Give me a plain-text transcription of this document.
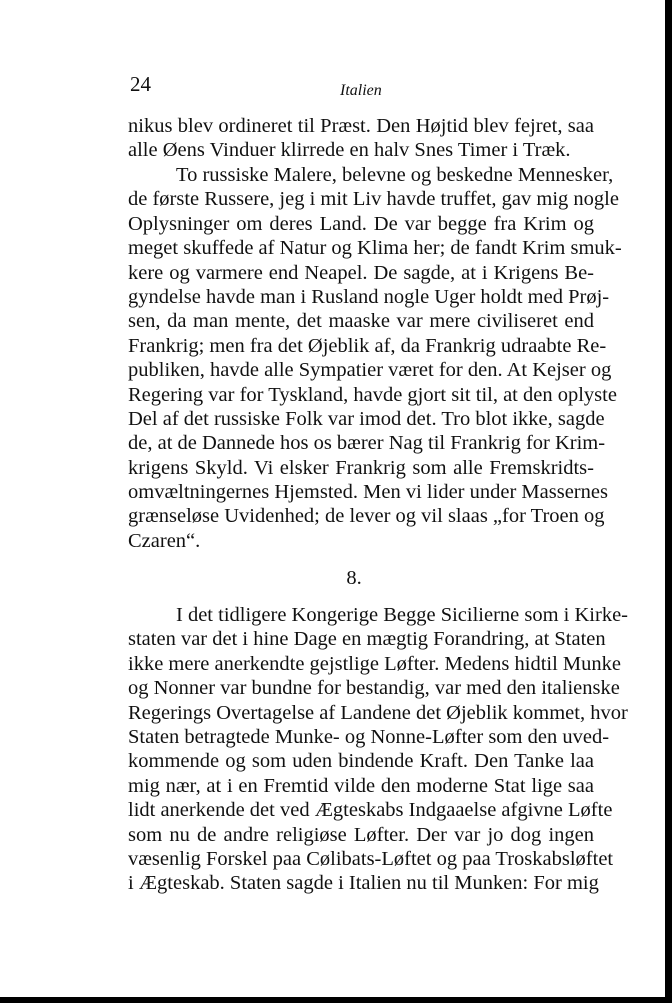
24	Italien
nikus blev ordineret til Præst. Den Højtid blev fejret, saa
alle Øens Vinduer klirrede en halv Snes Timer i Træk.
To russiske Malere, belevne og beskedne Mennesker,
de første Russere, jeg i mit Liv havde truffet, gav mig nogle
Oplysninger om deres Land. De var begge fra Krim og
meget skuffede af Natur og Klima her; de fandt Krim smuk-
kere og varmere end Neapel. De sagde, at i Krigens Be-
gyndelse havde man i Rusland nogle Uger holdt med Prøj-
sen, da man mente, det maaske var mere civiliseret end
Frankrig; men fra det Øjeblik af, da Frankrig udraabte Re-
publiken, havde alle Sympatier været for den. At Kejser og
Regering var for Tyskland, havde gjort sit til, at den oplyste
Del af det russiske Folk var imod det. Tro blot ikke, sagde
de, at de Dannede hos os bærer Nag til Frankrig for Krim-
krigens Skyld. Vi elsker Frankrig som alle Fremskridts-
omvæltningernes Hjemsted. Men vi lider under Massernes
grænseløse Uvidenhed; de lever og vil slaas „for Troen og
Czaren“.
8.
I det tidligere Kongerige Begge Sicilierne som i Kirke-
staten var det i hine Dage en mægtig Forandring, at Staten
ikke mere anerkendte gejstlige Løfter. Medens hidtil Munke
og Nonner var bundne for bestandig, var med den italienske
Regerings Overtagelse af Landene det Øjeblik kommet, hvor
Staten betragtede Munke- og Nonne-Løfter som den uved-
kommende og som uden bindende Kraft. Den Tanke laa
mig nær, at i en Fremtid vilde den moderne Stat lige saa
lidt anerkende det ved Ægteskabs Indgaaelse afgivne Løfte
som nu de andre religiøse Løfter. Der var jo dog ingen
væsenlig Forskel paa Cølibats-Løftet og paa Troskabsløftet
i Ægteskab. Staten sagde i Italien nu til Munken: For mig
